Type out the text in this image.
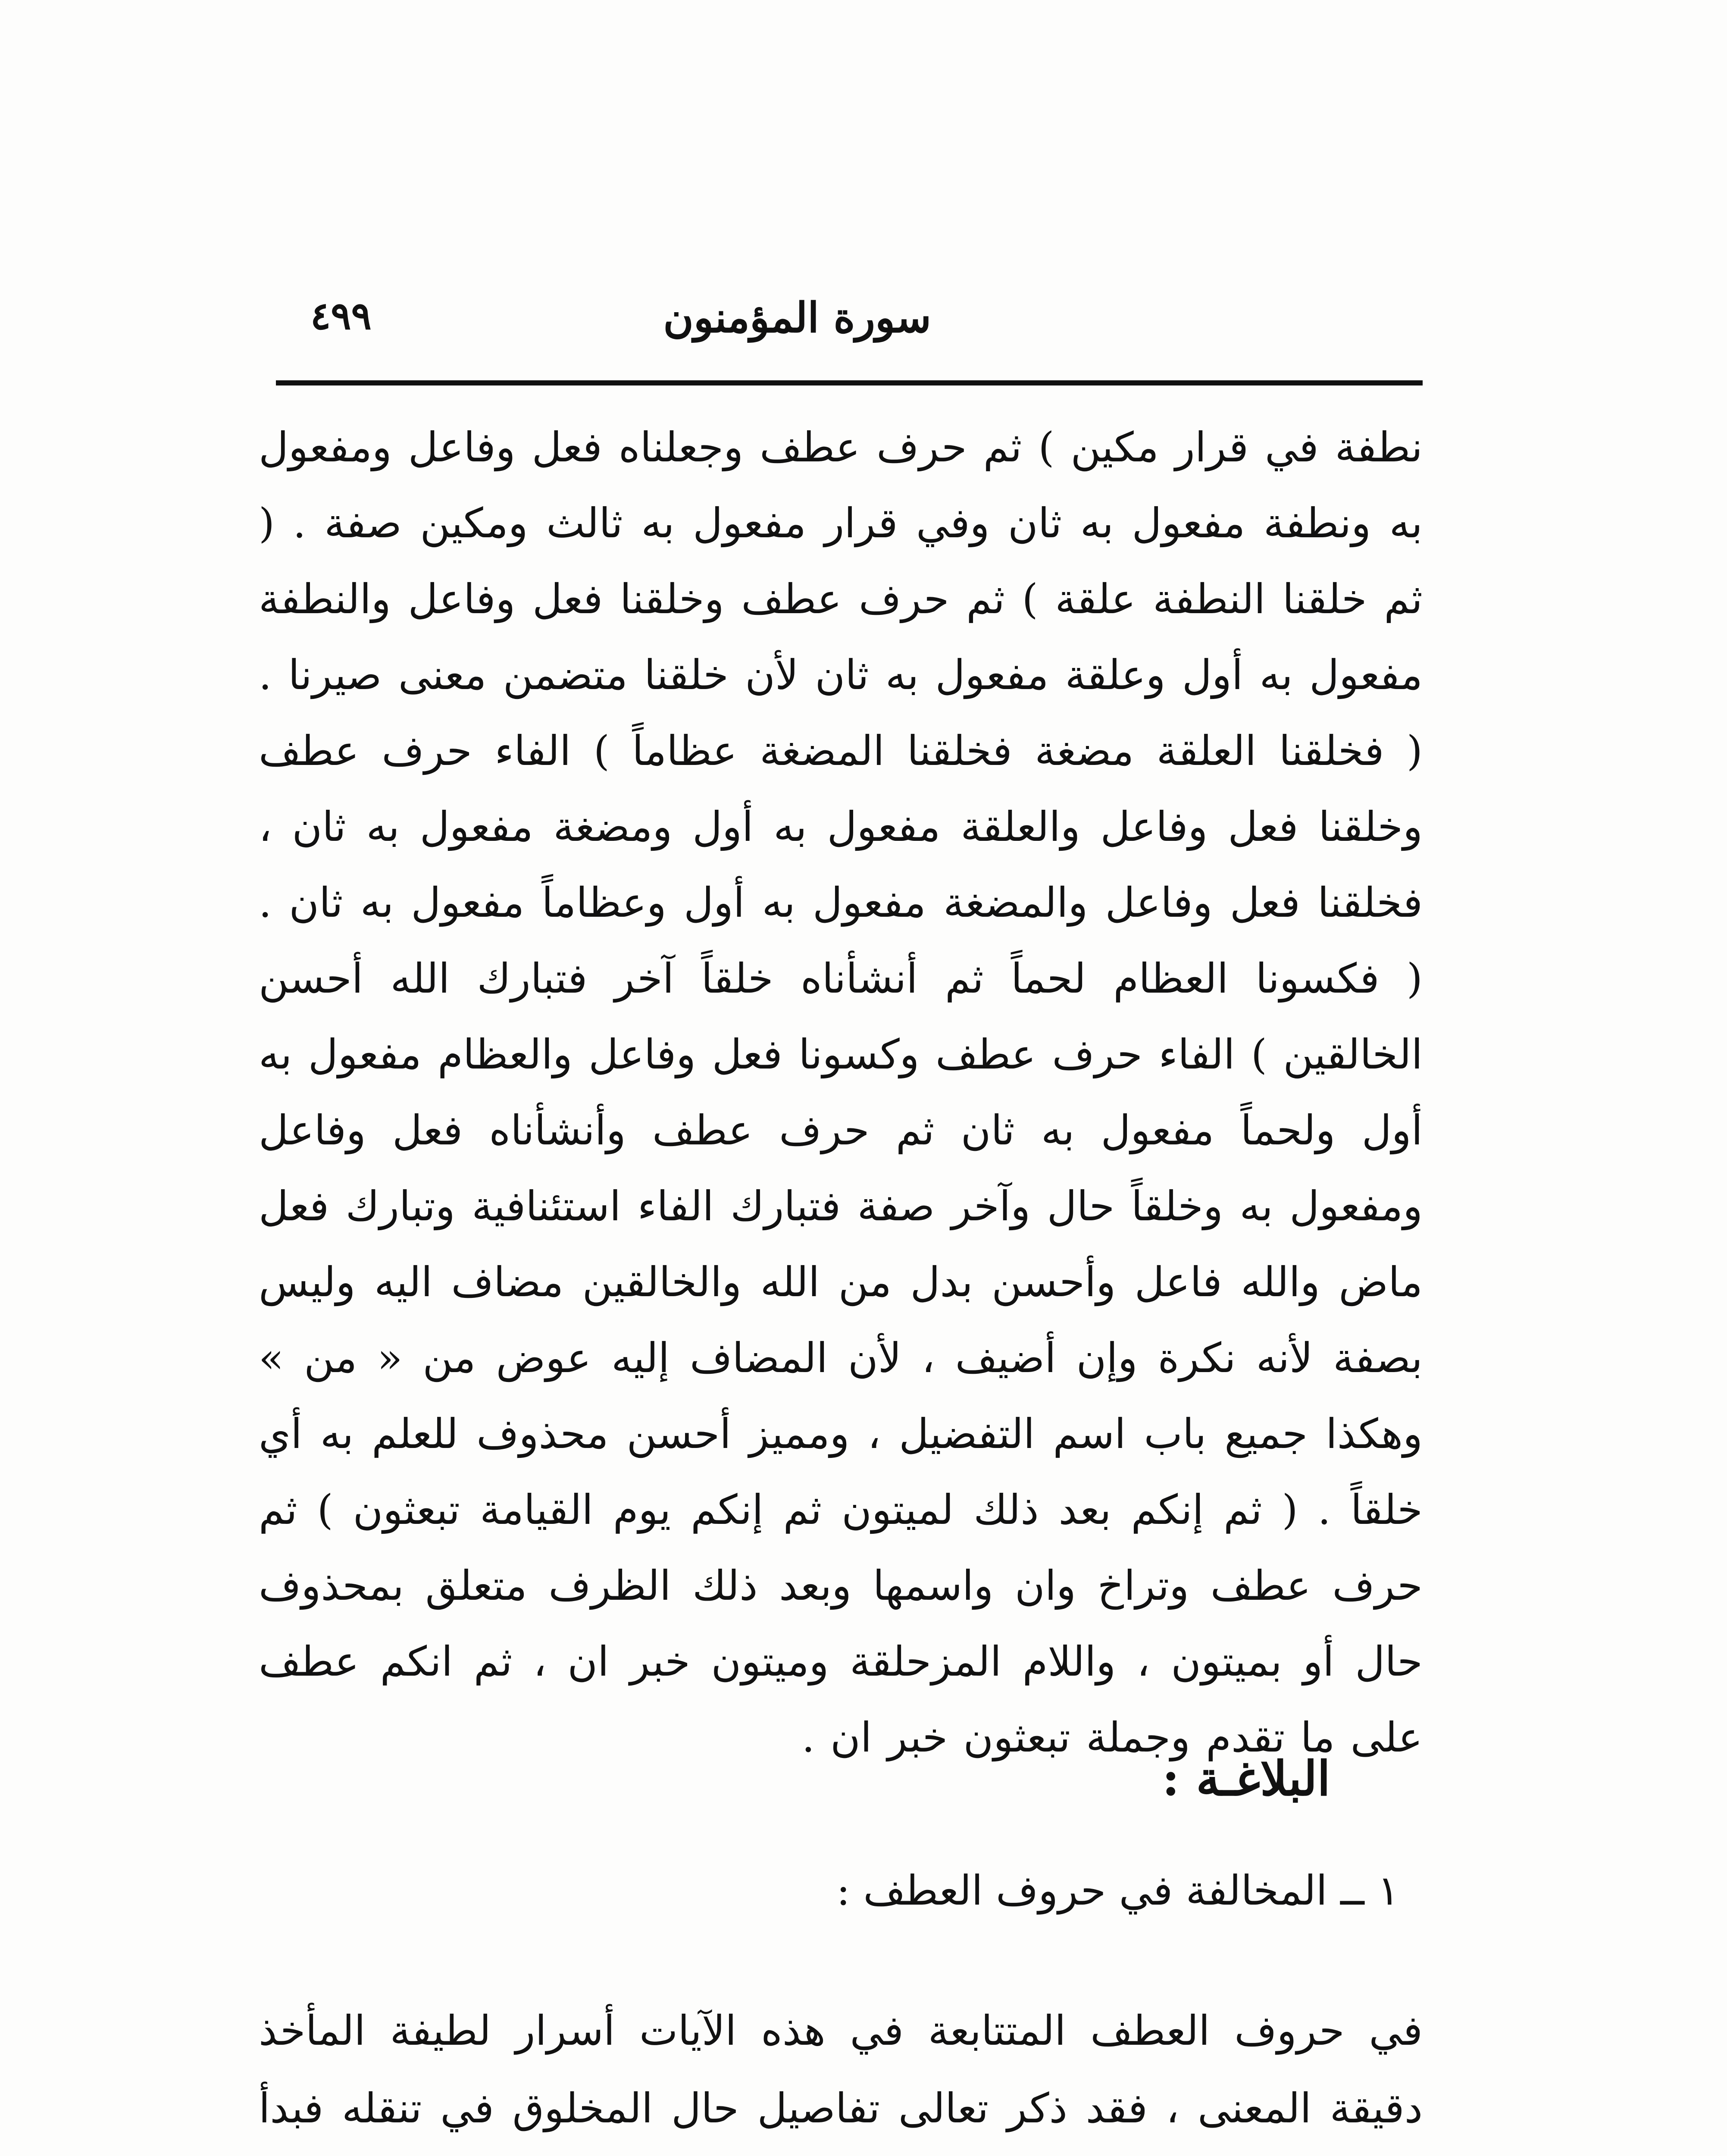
سورة المؤمنون
٤٩٩

نطفة في قرار مكين ) ثم حرف عطف وجعلناه فعل وفاعل ومفعول به ونطفة مفعول به ثان وفي قرار مفعول به ثالث ومكين صفة . ( ثم خلقنا النطفة علقة ) ثم حرف عطف وخلقنا فعل وفاعل والنطفة مفعول به أول وعلقة مفعول به ثان لأن خلقنا متضمن معنى صيرنا . ( فخلقنا العلقة مضغة فخلقنا المضغة عظاماً ) الفاء حرف عطف وخلقنا فعل وفاعل والعلقة مفعول به أول ومضغة مفعول به ثان ، فخلقنا فعل وفاعل والمضغة مفعول به أول وعظاماً مفعول به ثان . ( فكسونا العظام لحماً ثم أنشأناه خلقاً آخر فتبارك الله أحسن الخالقين ) الفاء حرف عطف وكسونا فعل وفاعل والعظام مفعول به أول ولحماً مفعول به ثان ثم حرف عطف وأنشأناه فعل وفاعل ومفعول به وخلقاً حال وآخر صفة فتبارك الفاء استئنافية وتبارك فعل ماض والله فاعل وأحسن بدل من الله والخالقين مضاف اليه وليس بصفة لأنه نكرة وإن أضيف ، لأن المضاف إليه عوض من « من » وهكذا جميع باب اسم التفضيل ، ومميز أحسن محذوف للعلم به أي خلقاً . ( ثم إنكم بعد ذلك لميتون ثم إنكم يوم القيامة تبعثون ) ثم حرف عطف وتراخ وان واسمها وبعد ذلك الظرف متعلق بمحذوف حال أو بميتون ، واللام المزحلقة وميتون خبر ان ، ثم انكم عطف على ما تقدم وجملة تبعثون خبر ان .

البلاغـة :
١ ــ المخالفة في حروف العطف :

في حروف العطف المتتابعة في هذه الآيات أسرار لطيفة المأخذ دقيقة المعنى ، فقد ذكر تعالى تفاصيل حال المخلوق في تنقله فبدأ
